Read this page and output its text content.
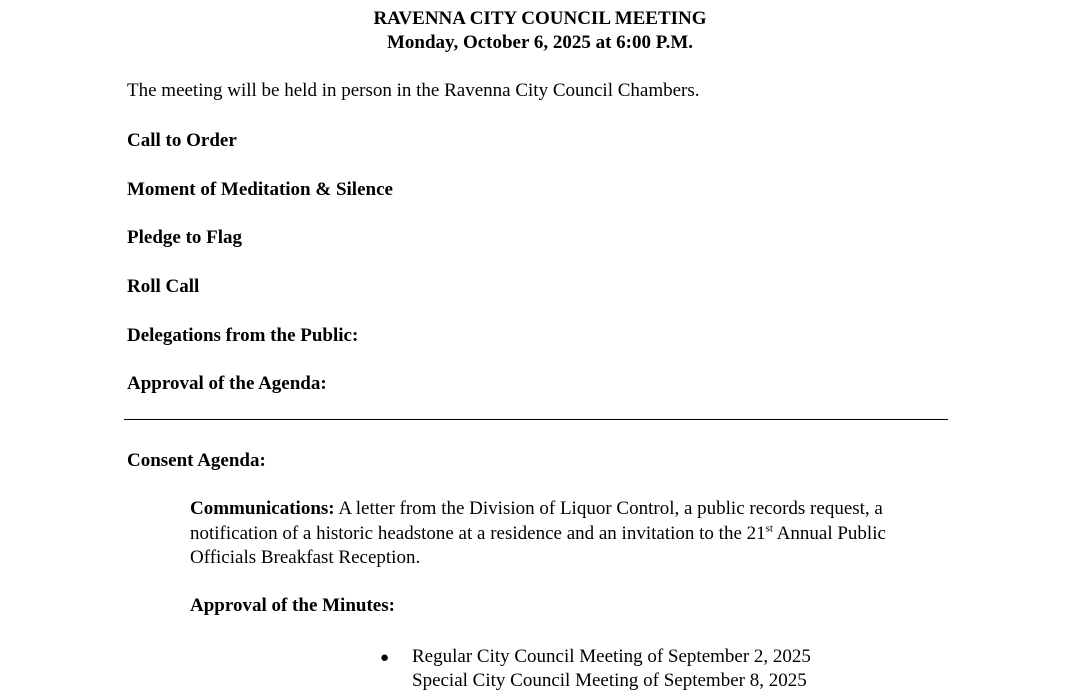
RAVENNA CITY COUNCIL MEETING
Monday, October 6, 2025 at 6:00 P.M.
The meeting will be held in person in the Ravenna City Council Chambers.
Call to Order
Moment of Meditation & Silence
Pledge to Flag
Roll Call
Delegations from the Public:
Approval of the Agenda:
Consent Agenda:
Communications: A letter from the Division of Liquor Control, a public records request, a notification of a historic headstone at a residence and an invitation to the 21st Annual Public Officials Breakfast Reception.
Approval of the Minutes:
● Regular City Council Meeting of September 2, 2025
Special City Council Meeting of September 8, 2025
